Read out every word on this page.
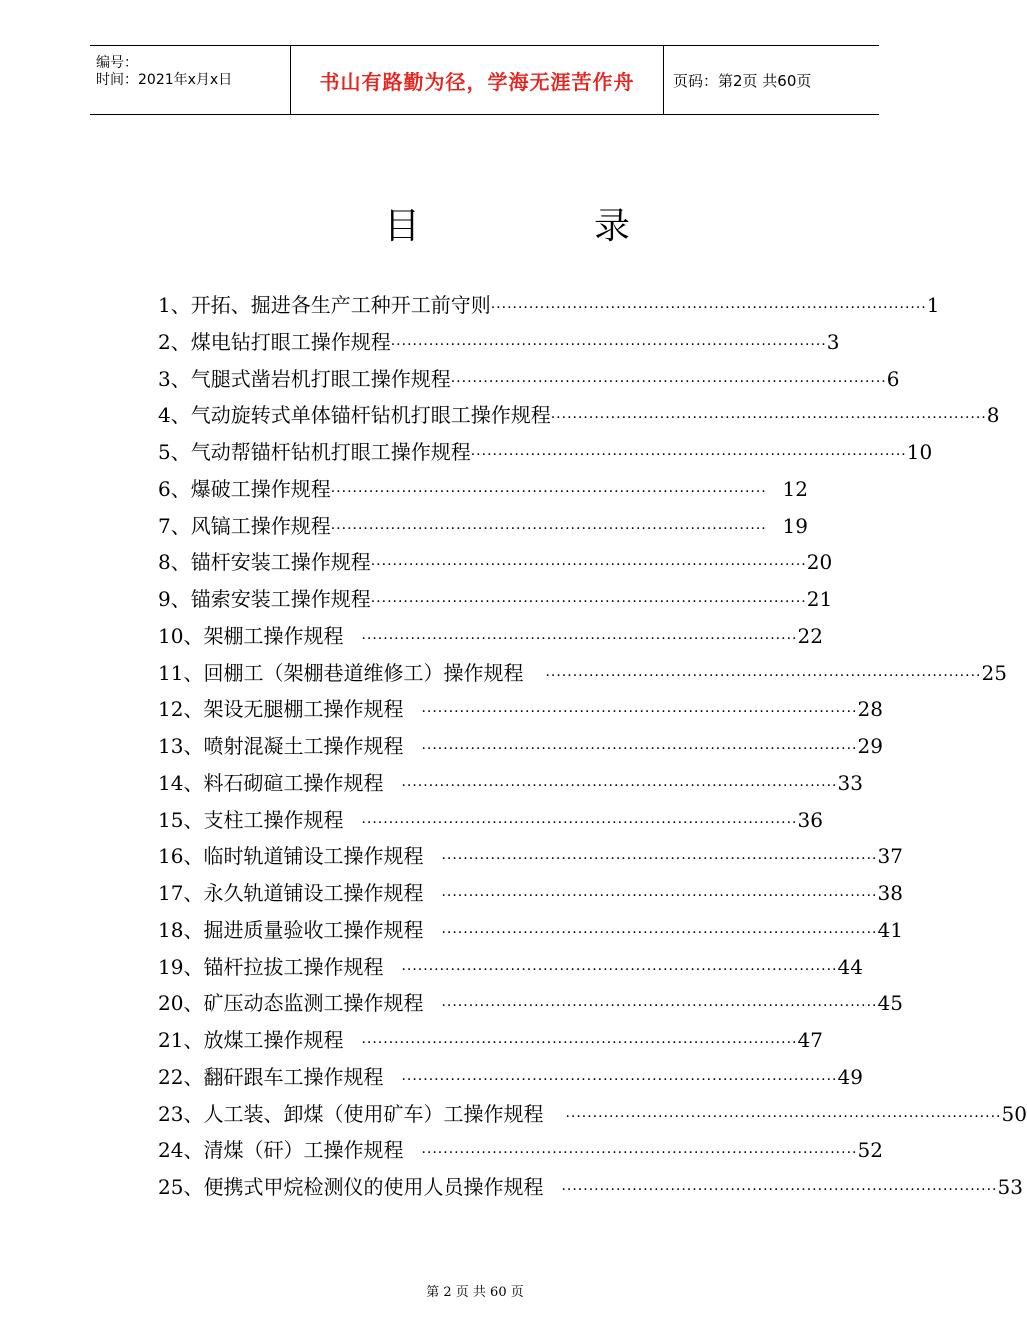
编号：
时间：2021年x月x日	书山有路勤为径，学海无涯苦作舟	页码：第2页 共60页
目	录
1、开拓、掘进各生产工种开工前守则 ················································································ 1
2、煤电钻打眼工操作规程 ················································································ 3
3、气腿式凿岩机打眼工操作规程 ················································································ 6
4、气动旋转式单体锚杆钻机打眼工操作规程 ················································································ 8
5、气动帮锚杆钻机打眼工操作规程 ················································································ 10
6、爆破工操作规程 ················································································ 12
7、风镐工操作规程 ················································································ 19
8、锚杆安装工操作规程 ················································································ 20
9、锚索安装工操作规程 ················································································ 21
10、架棚工操作规程 ················································································ 22
11、回棚工（架棚巷道维修工）操作规程 ················································································ 25
12、架设无腿棚工操作规程 ················································································ 28
13、喷射混凝土工操作规程 ················································································ 29
14、料石砌碹工操作规程 ················································································ 33
15、支柱工操作规程 ················································································ 36
16、临时轨道铺设工操作规程 ················································································ 37
17、永久轨道铺设工操作规程 ················································································ 38
18、掘进质量验收工操作规程 ················································································ 41
19、锚杆拉拔工操作规程 ················································································ 44
20、矿压动态监测工操作规程 ················································································ 45
21、放煤工操作规程 ················································································ 47
22、翻矸跟车工操作规程 ················································································ 49
23、人工装、卸煤（使用矿车）工操作规程 ················································································ 50
24、清煤（矸）工操作规程 ················································································ 52
25、便携式甲烷检测仪的使用人员操作规程 ················································································ 53
第 2 页 共 60 页
